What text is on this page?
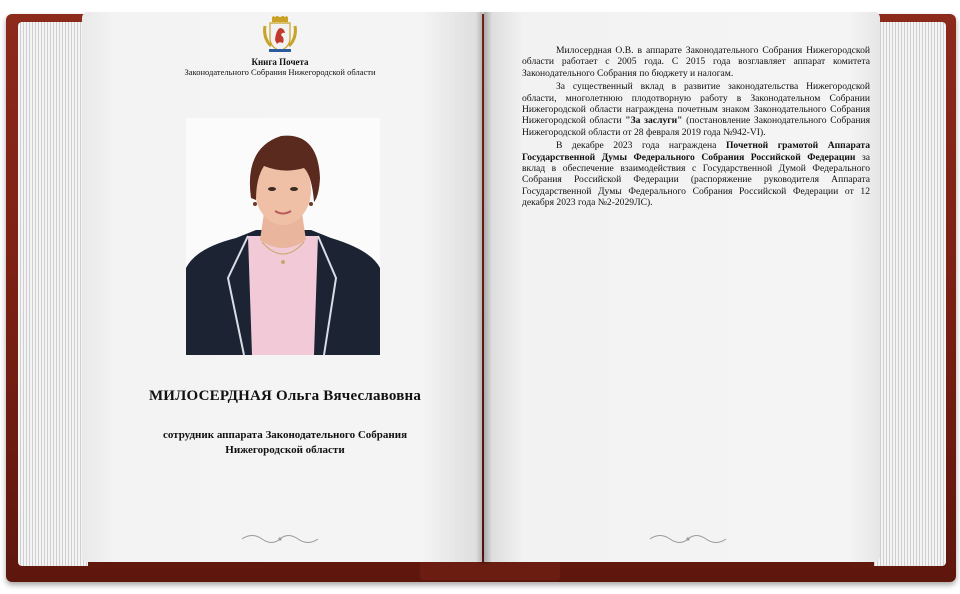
Книга Почета
Законодательного Собрания Нижегородской области
МИЛОСЕРДНАЯ Ольга Вячеславовна
сотрудник аппарата Законодательного Собрания
Нижегородской области

Милосердная О.В. в аппарате Законодательного Собрания Нижегородской области работает с 2005 года. С 2015 года возглавляет аппарат комитета Законодательного Собрания по бюджету и налогам.

За существенный вклад в развитие законодательства Нижегородской области, многолетнюю плодотворную работу в Законодательном Собрании Нижегородской области награждена почетным знаком Законодательного Собрания Нижегородской области "За заслуги" (постановление Законодательного Собрания Нижегородской области от 28 февраля 2019 года №942-VI).

В декабре 2023 года награждена Почетной грамотой Аппарата Государственной Думы Федерального Собрания Российской Федерации за вклад в обеспечение взаимодействия с Государственной Думой Федерального Собрания Российской Федерации (распоряжение руководителя Аппарата Государственной Думы Федерального Собрания Российской Федерации от 12 декабря 2023 года №2-2029ЛС).
